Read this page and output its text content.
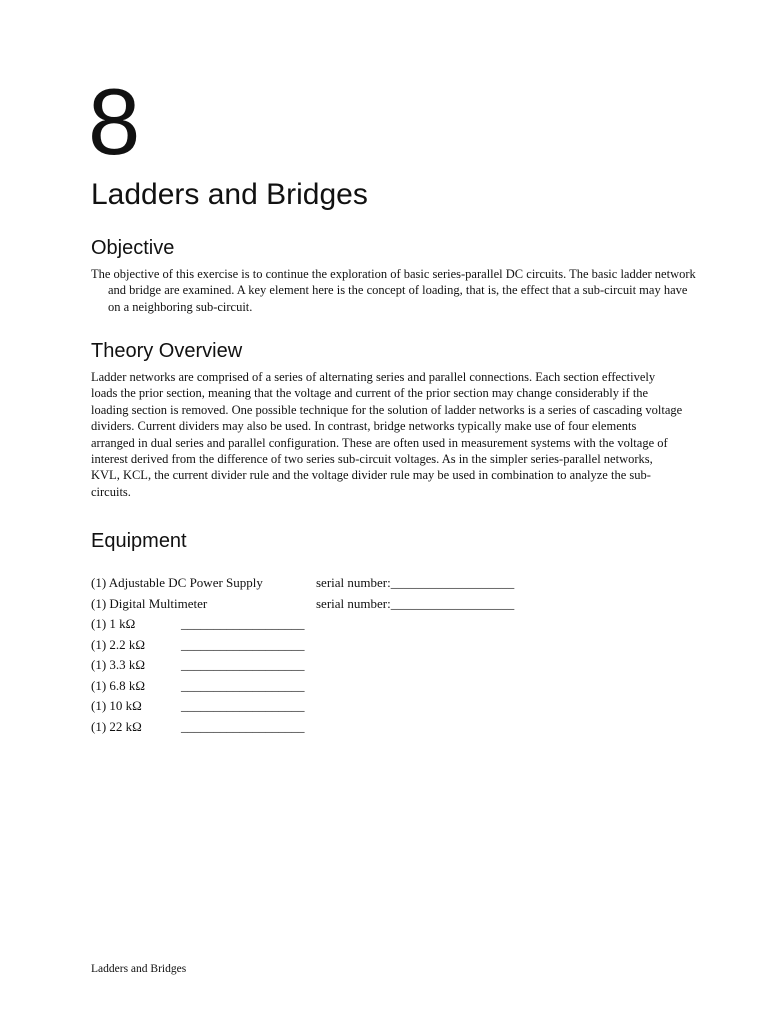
8
Ladders and Bridges
Objective

The objective of this exercise is to continue the exploration of basic series-parallel DC circuits. The basic ladder network and bridge are examined. A key element here is the concept of loading, that is, the effect that a sub-circuit may have on a neighboring sub-circuit.

Theory Overview

Ladder networks are comprised of a series of alternating series and parallel connections. Each section effectively loads the prior section, meaning that the voltage and current of the prior section may change considerably if the loading section is removed. One possible technique for the solution of ladder networks is a series of cascading voltage dividers. Current dividers may also be used. In contrast, bridge networks typically make use of four elements arranged in dual series and parallel configuration. These are often used in measurement systems with the voltage of interest derived from the difference of two series sub-circuit voltages. As in the simpler series-parallel networks, KVL, KCL, the current divider rule and the voltage divider rule may be used in combination to analyze the sub-circuits.

Equipment
(1) Adjustable DC Power Supply	serial number:___________________
(1) Digital Multimeter	serial number:___________________
(1) 1 kΩ	___________________
(1) 2.2 kΩ	___________________
(1) 3.3 kΩ	___________________
(1) 6.8 kΩ	___________________
(1) 10 kΩ	___________________
(1) 22 kΩ	___________________

Ladders and Bridges
